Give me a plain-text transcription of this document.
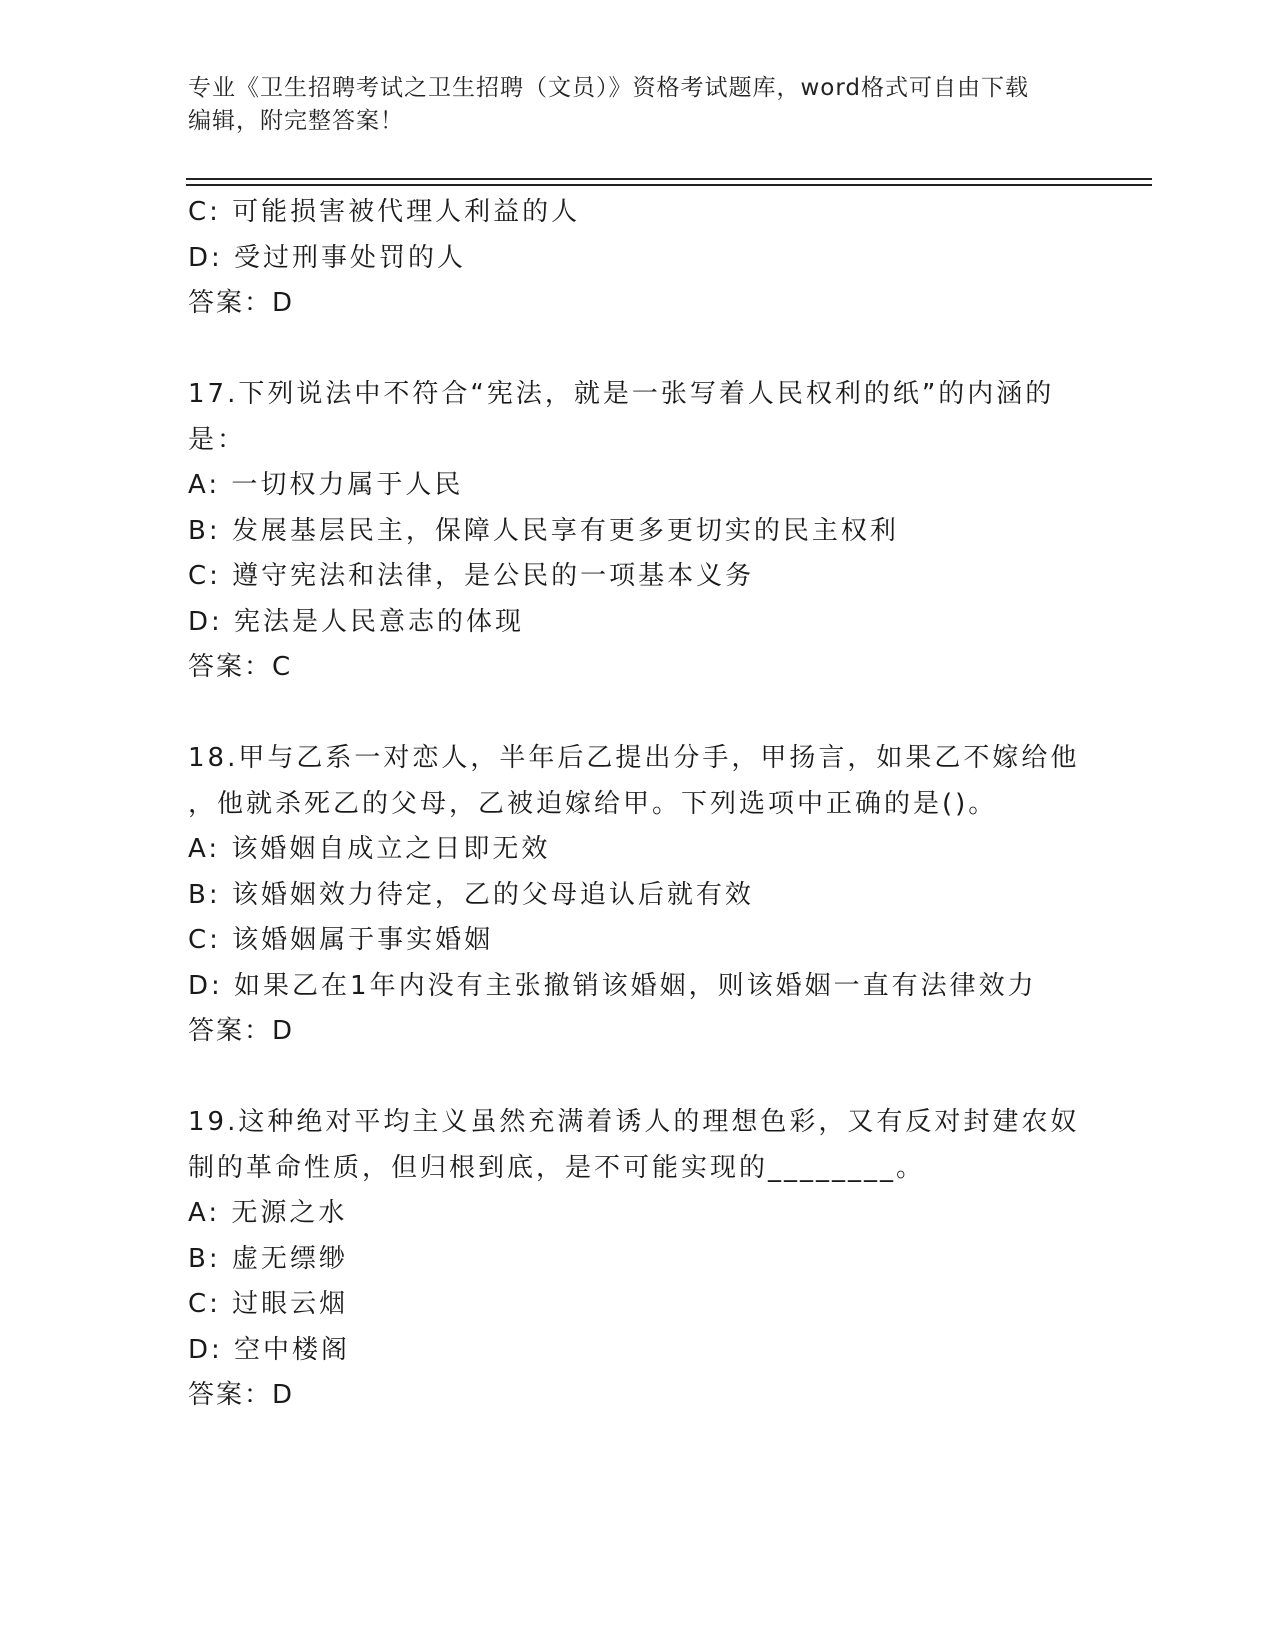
专业《卫生招聘考试之卫生招聘（文员）》资格考试题库，word格式可自由下载
编辑，附完整答案！
C: 可能损害被代理人利益的人
D: 受过刑事处罚的人
答案：D
17.下列说法中不符合“宪法，就是一张写着人民权利的纸”的内涵的
是：
A: 一切权力属于人民
B: 发展基层民主，保障人民享有更多更切实的民主权利
C: 遵守宪法和法律，是公民的一项基本义务
D: 宪法是人民意志的体现
答案：C
18.甲与乙系一对恋人，半年后乙提出分手，甲扬言，如果乙不嫁给他
，他就杀死乙的父母，乙被迫嫁给甲。下列选项中正确的是()。
A: 该婚姻自成立之日即无效
B: 该婚姻效力待定，乙的父母追认后就有效
C: 该婚姻属于事实婚姻
D: 如果乙在1年内没有主张撤销该婚姻，则该婚姻一直有法律效力
答案：D
19.这种绝对平均主义虽然充满着诱人的理想色彩，又有反对封建农奴
制的革命性质，但归根到底，是不可能实现的________。
A: 无源之水
B: 虚无缥缈
C: 过眼云烟
D: 空中楼阁
答案：D
